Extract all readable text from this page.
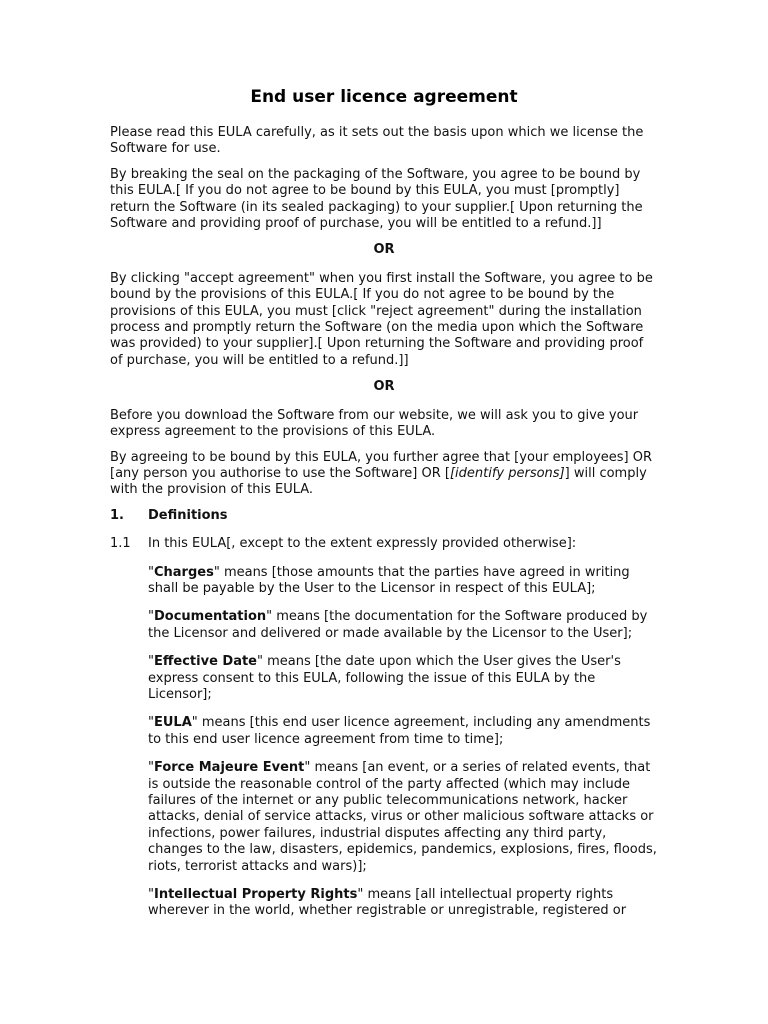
End user licence agreement

Please read this EULA carefully, as it sets out the basis upon which we license the Software for use.

By breaking the seal on the packaging of the Software, you agree to be bound by this EULA.[ If you do not agree to be bound by this EULA, you must [promptly] return the Software (in its sealed packaging) to your supplier.[ Upon returning the Software and providing proof of purchase, you will be entitled to a refund.]]

OR

By clicking "accept agreement" when you first install the Software, you agree to be bound by the provisions of this EULA.[ If you do not agree to be bound by the provisions of this EULA, you must [click "reject agreement" during the installation process and promptly return the Software (on the media upon which the Software was provided) to your supplier].[ Upon returning the Software and providing proof of purchase, you will be entitled to a refund.]]

OR

Before you download the Software from our website, we will ask you to give your express agreement to the provisions of this EULA.

By agreeing to be bound by this EULA, you further agree that [your employees] OR [any person you authorise to use the Software] OR [[identify persons]] will comply with the provision of this EULA.

1.	Definitions
1.1	In this EULA[, except to the extent expressly provided otherwise]:
"Charges" means [those amounts that the parties have agreed in writing shall be payable by the User to the Licensor in respect of this EULA];
"Documentation" means [the documentation for the Software produced by the Licensor and delivered or made available by the Licensor to the User];
"Effective Date" means [the date upon which the User gives the User's express consent to this EULA, following the issue of this EULA by the Licensor];
"EULA" means [this end user licence agreement, including any amendments to this end user licence agreement from time to time];
"Force Majeure Event" means [an event, or a series of related events, that is outside the reasonable control of the party affected (which may include failures of the internet or any public telecommunications network, hacker attacks, denial of service attacks, virus or other malicious software attacks or infections, power failures, industrial disputes affecting any third party, changes to the law, disasters, epidemics, pandemics, explosions, fires, floods, riots, terrorist attacks and wars)];
"Intellectual Property Rights" means [all intellectual property rights wherever in the world, whether registrable or unregistrable, registered or
